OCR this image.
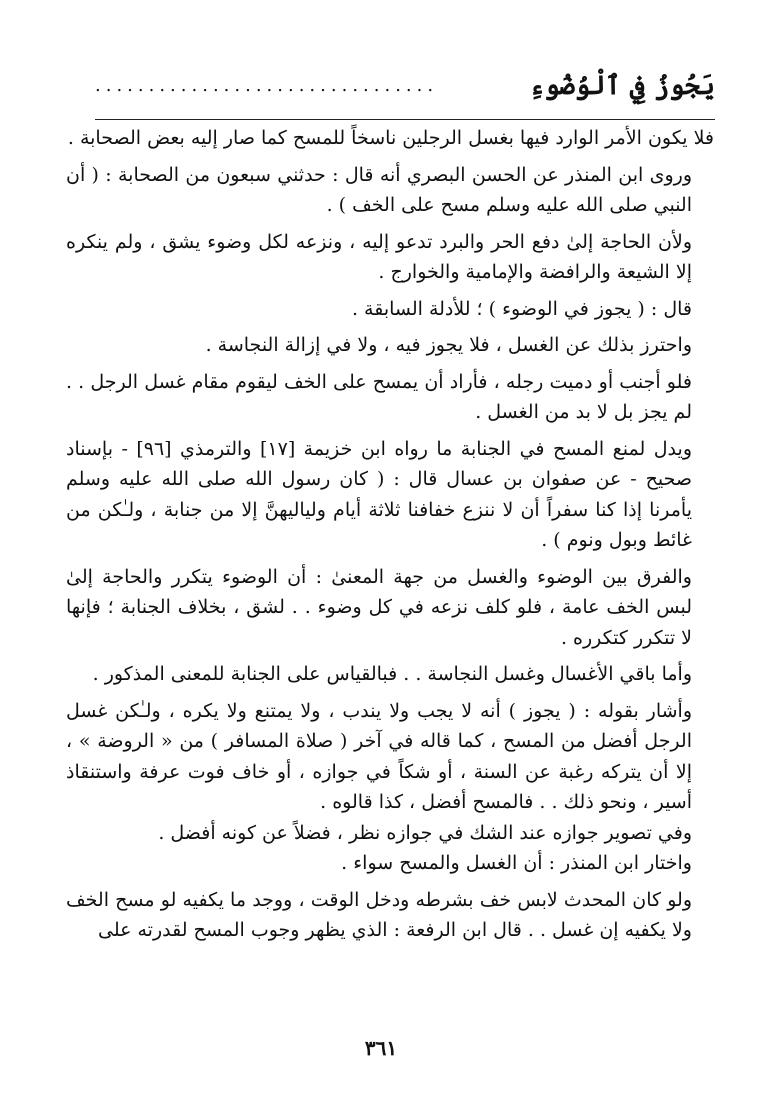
يَجُوزُ فِي ٱلْوُضُوءِ
................................

فلا يكون الأمر الوارد فيها بغسل الرجلين ناسخاً للمسح كما صار إليه بعض الصحابة .

وروى ابن المنذر عن الحسن البصري أنه قال : حدثني سبعون من الصحابة : ( أن النبي صلى الله عليه وسلم مسح على الخف ) .

ولأن الحاجة إلىٰ دفع الحر والبرد تدعو إليه ، ونزعه لكل وضوء يشق ، ولم ينكره إلا الشيعة والرافضة والإمامية والخوارج .

قال : ( يجوز في الوضوء ) ؛ للأدلة السابقة .

واحترز بذلك عن الغسل ، فلا يجوز فيه ، ولا في إزالة النجاسة .

فلو أجنب أو دميت رجله ، فأراد أن يمسح على الخف ليقوم مقام غسل الرجل . . لم يجز بل لا بد من الغسل .

ويدل لمنع المسح في الجنابة ما رواه ابن خزيمة [١٧] والترمذي [٩٦] - بإسناد صحيح - عن صفوان بن عسال قال : ( كان رسول الله صلى الله عليه وسلم يأمرنا إذا كنا سفراً أن لا ننزع خفافنا ثلاثة أيام ولياليهنَّ إلا من جنابة ، ولـٰكن من غائط وبول ونوم ) .

والفرق بين الوضوء والغسل من جهة المعنىٰ : أن الوضوء يتكرر والحاجة إلىٰ لبس الخف عامة ، فلو كلف نزعه في كل وضوء . . لشق ، بخلاف الجنابة ؛ فإنها لا تتكرر كتكرره .

وأما باقي الأغسال وغسل النجاسة . . فبالقياس على الجنابة للمعنى المذكور .

وأشار بقوله : ( يجوز ) أنه لا يجب ولا يندب ، ولا يمتنع ولا يكره ، ولـٰكن غسل الرجل أفضل من المسح ، كما قاله في آخر ( صلاة المسافر ) من « الروضة » ، إلا أن يتركه رغبة عن السنة ، أو شكاً في جوازه ، أو خاف فوت عرفة واستنقاذ أسير ، ونحو ذلك . . فالمسح أفضل ، كذا قالوه .

وفي تصوير جوازه عند الشك في جوازه نظر ، فضلاً عن كونه أفضل .

واختار ابن المنذر : أن الغسل والمسح سواء .

ولو كان المحدث لابس خف بشرطه ودخل الوقت ، ووجد ما يكفيه لو مسح الخف ولا يكفيه إن غسل . . قال ابن الرفعة : الذي يظهر وجوب المسح لقدرته على

٣٦١
